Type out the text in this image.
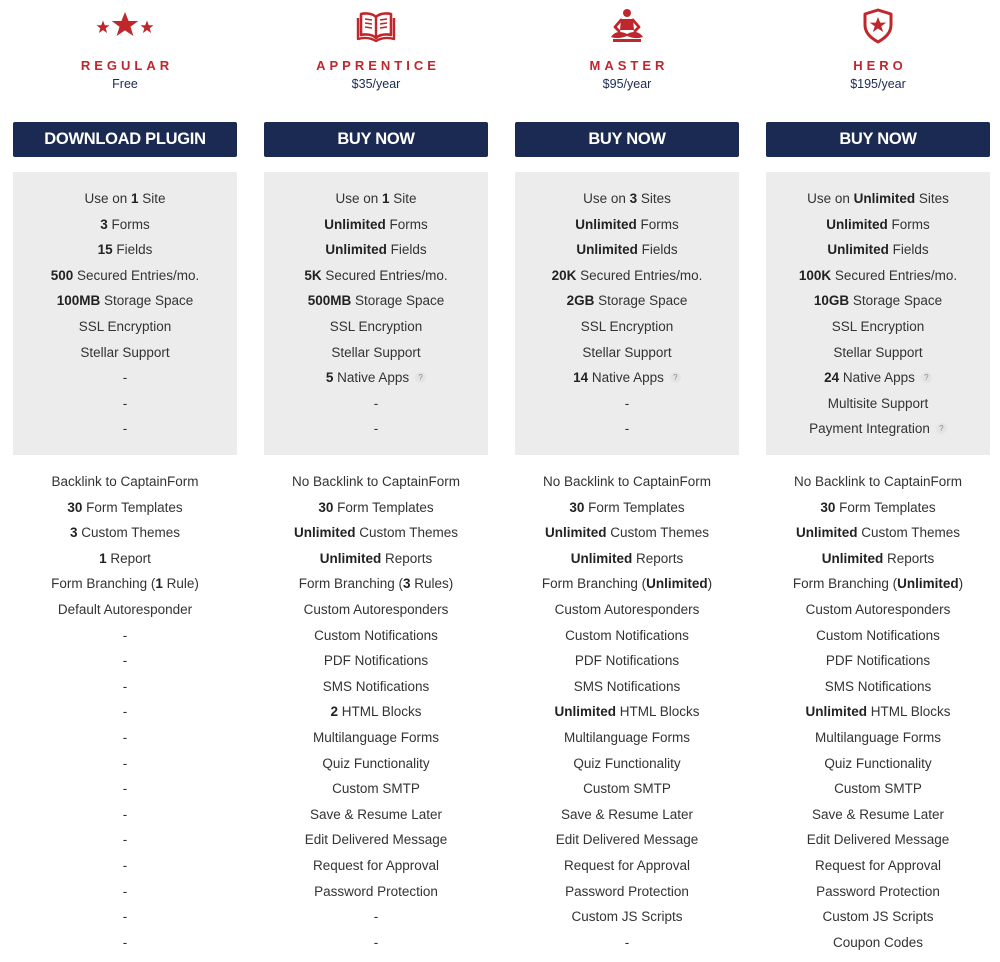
REGULAR
Free
DOWNLOAD PLUGIN
Use on 1 Site
3 Forms
15 Fields
500 Secured Entries/mo.
100MB Storage Space
SSL Encryption
Stellar Support
-
-
-
Backlink to CaptainForm
30 Form Templates
3 Custom Themes
1 Report
Form Branching (1 Rule)
Default Autoresponder
-
-
-
-
-
-
-
-
-
-
-
-
-
APPRENTICE
$35/year
BUY NOW
Use on 1 Site
Unlimited Forms
Unlimited Fields
5K Secured Entries/mo.
500MB Storage Space
SSL Encryption
Stellar Support
5 Native Apps ?
-
-
No Backlink to CaptainForm
30 Form Templates
Unlimited Custom Themes
Unlimited Reports
Form Branching (3 Rules)
Custom Autoresponders
Custom Notifications
PDF Notifications
SMS Notifications
2 HTML Blocks
Multilanguage Forms
Quiz Functionality
Custom SMTP
Save & Resume Later
Edit Delivered Message
Request for Approval
Password Protection
-
-
MASTER
$95/year
BUY NOW
Use on 3 Sites
Unlimited Forms
Unlimited Fields
20K Secured Entries/mo.
2GB Storage Space
SSL Encryption
Stellar Support
14 Native Apps ?
-
-
No Backlink to CaptainForm
30 Form Templates
Unlimited Custom Themes
Unlimited Reports
Form Branching (Unlimited)
Custom Autoresponders
Custom Notifications
PDF Notifications
SMS Notifications
Unlimited HTML Blocks
Multilanguage Forms
Quiz Functionality
Custom SMTP
Save & Resume Later
Edit Delivered Message
Request for Approval
Password Protection
Custom JS Scripts
-
HERO
$195/year
BUY NOW
Use on Unlimited Sites
Unlimited Forms
Unlimited Fields
100K Secured Entries/mo.
10GB Storage Space
SSL Encryption
Stellar Support
24 Native Apps ?
Multisite Support
Payment Integration ?
No Backlink to CaptainForm
30 Form Templates
Unlimited Custom Themes
Unlimited Reports
Form Branching (Unlimited)
Custom Autoresponders
Custom Notifications
PDF Notifications
SMS Notifications
Unlimited HTML Blocks
Multilanguage Forms
Quiz Functionality
Custom SMTP
Save & Resume Later
Edit Delivered Message
Request for Approval
Password Protection
Custom JS Scripts
Coupon Codes
